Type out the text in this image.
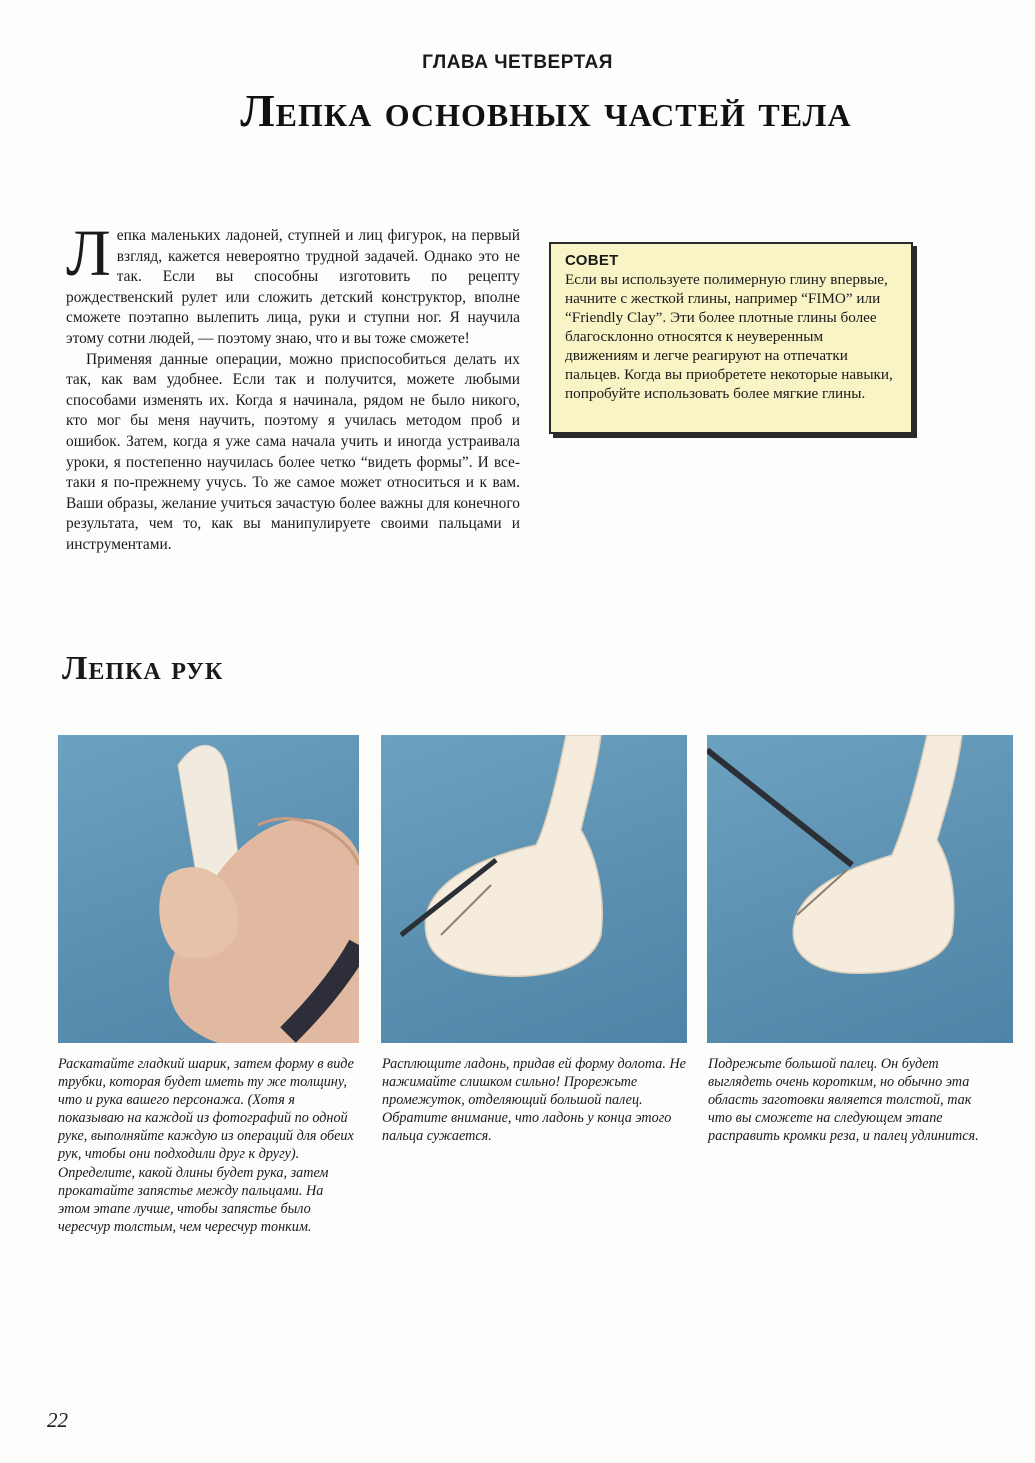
ГЛАВА ЧЕТВЕРТАЯ
Лепка основных частей тела

Лепка маленьких ладоней, ступней и лиц фигурок, на первый взгляд, кажется невероятно трудной задачей. Однако это не так. Если вы способны изготовить по рецепту рождественский рулет или сложить детский конструктор, вполне сможете поэтапно вылепить лица, руки и ступни ног. Я научила этому сотни людей, — поэтому знаю, что и вы тоже сможете!

Применяя данные операции, можно приспособиться делать их так, как вам удобнее. Если так и получится, можете любыми способами изменять их. Когда я начинала, рядом не было никого, кто мог бы меня научить, поэтому я училась методом проб и ошибок. Затем, когда я уже сама начала учить и иногда устраивала уроки, я постепенно научилась более четко “видеть формы”. И все-таки я по-прежнему учусь. То же самое может относиться и к вам. Ваши образы, желание учиться зачастую более важны для конечного результата, чем то, как вы манипулируете своими пальцами и инструментами.

СОВЕТ
Если вы используете полимерную глину впервые, начните с жесткой глины, например “FIMO” или “Friendly Clay”. Эти более плотные глины более благосклонно относятся к неуверенным движениям и легче реагируют на отпечатки пальцев. Когда вы приобретете некоторые навыки, попробуйте использовать более мягкие глины.
Лепка рук
Раскатайте гладкий шарик, затем форму в виде трубки, которая будет иметь ту же толщину, что и рука вашего персонажа. (Хотя я показываю на каждой из фотографий по одной руке, выполняйте каждую из операций для обеих рук, чтобы они подходили друг к другу). Определите, какой длины будет рука, затем прокатайте запястье между пальцами. На этом этапе лучше, чтобы запястье было чересчур толстым, чем чересчур тонким.
Расплющите ладонь, придав ей форму долота. Не нажимайте слишком сильно! Прорежьте промежуток, отделяющий большой палец. Обратите внимание, что ладонь у конца этого пальца сужается.
Подрежьте большой палец. Он будет выглядеть очень коротким, но обычно эта область заготовки является толстой, так что вы сможете на следующем этапе расправить кромки реза, и палец удлинится.
22
